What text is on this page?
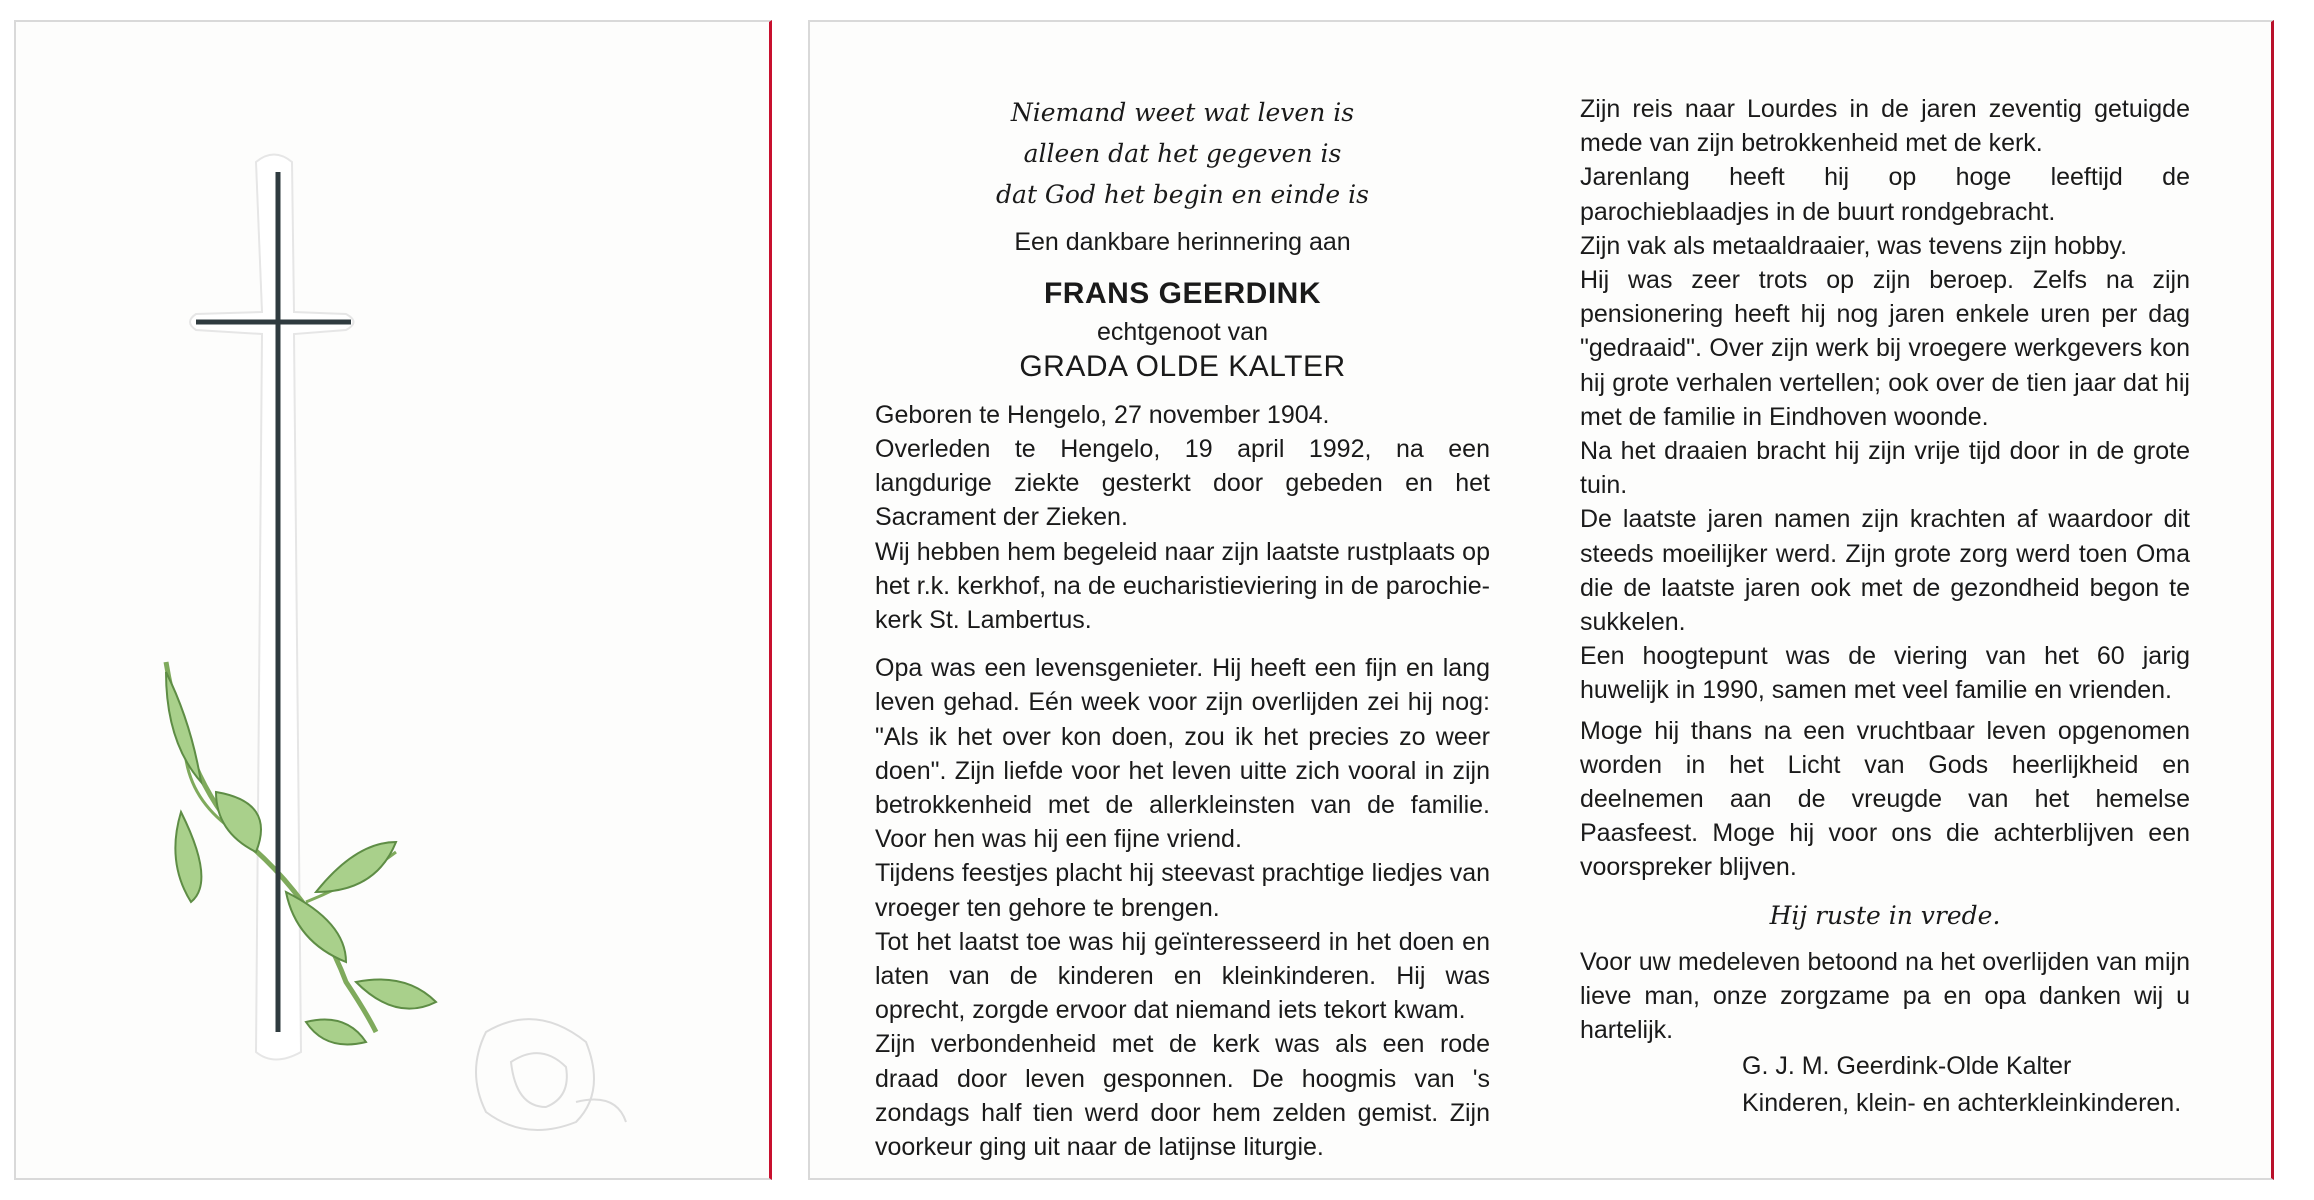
Niemand weet wat leven is
alleen dat het gegeven is
dat God het begin en einde is
Een dankbare herinnering aan
FRANS GEERDINK
echtgenoot van
GRADA OLDE KALTER

Geboren te Hengelo, 27 november 1904.

Overleden te Hengelo, 19 april 1992, na een langdurige ziekte gesterkt door gebeden en het Sacrament der Zieken.

Wij hebben hem begeleid naar zijn laatste rustplaats op het r.k. kerkhof, na de eucharistieviering in de parochie-kerk St. Lambertus.

Opa was een levensgenieter. Hij heeft een fijn en lang leven gehad. Eén week voor zijn overlijden zei hij nog: "Als ik het over kon doen, zou ik het precies zo weer doen". Zijn liefde voor het leven uitte zich vooral in zijn betrokkenheid met de allerkleinsten van de familie. Voor hen was hij een fijne vriend.

Tijdens feestjes placht hij steevast prachtige liedjes van vroeger ten gehore te brengen.

Tot het laatst toe was hij geïnteresseerd in het doen en laten van de kinderen en kleinkinderen. Hij was oprecht, zorgde ervoor dat niemand iets tekort kwam.

Zijn verbondenheid met de kerk was als een rode draad door leven gesponnen. De hoogmis van 's zondags half tien werd door hem zelden gemist. Zijn voorkeur ging uit naar de latijnse liturgie.

Zijn reis naar Lourdes in de jaren zeventig getuigde mede van zijn betrokkenheid met de kerk.

Jarenlang heeft hij op hoge leeftijd de parochieblaadjes in de buurt rondgebracht.

Zijn vak als metaaldraaier, was tevens zijn hobby.

Hij was zeer trots op zijn beroep. Zelfs na zijn pensionering heeft hij nog jaren enkele uren per dag "gedraaid". Over zijn werk bij vroegere werkgevers kon hij grote verhalen vertellen; ook over de tien jaar dat hij met de familie in Eindhoven woonde.

Na het draaien bracht hij zijn vrije tijd door in de grote tuin.

De laatste jaren namen zijn krachten af waardoor dit steeds moeilijker werd. Zijn grote zorg werd toen Oma die de laatste jaren ook met de gezondheid begon te sukkelen.

Een hoogtepunt was de viering van het 60 jarig huwelijk in 1990, samen met veel familie en vrienden.

Moge hij thans na een vruchtbaar leven opgenomen worden in het Licht van Gods heerlijkheid en deelnemen aan de vreugde van het hemelse Paasfeest. Moge hij voor ons die achterblijven een voorspreker blijven.

Hij ruste in vrede.

Voor uw medeleven betoond na het overlijden van mijn lieve man, onze zorgzame pa en opa danken wij u hartelijk.

G. J. M. Geerdink-Olde Kalter
Kinderen, klein- en achterkleinkinderen.
